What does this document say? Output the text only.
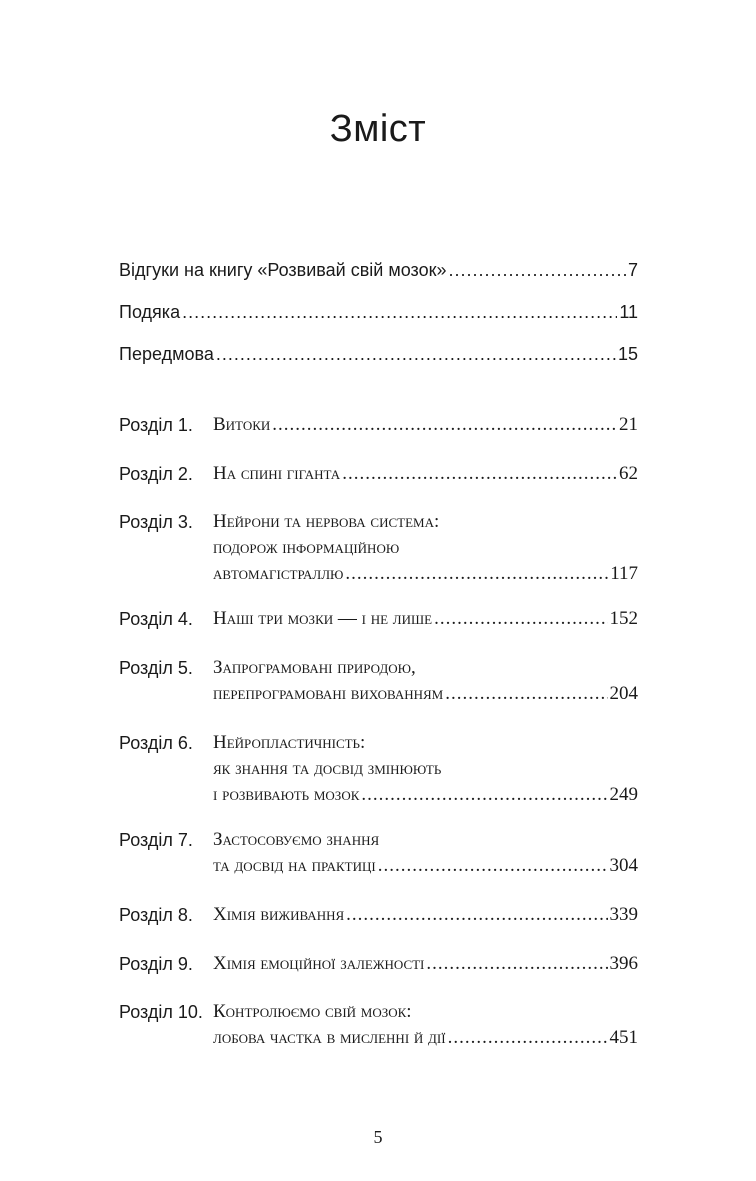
Зміст
Відгуки на книгу «Розвивай свій мозок» .....	7
Подяка .....	11
Передмова .....	15
Розділ 1. Витоки .....	21
Розділ 2. На спині гіганта .....	62
Розділ 3. Нейрони та нервова система:
подорож інформаційною
автомагістраллю .....	117
Розділ 4. Наші три мозки — і не лише .....	152
Розділ 5. Запрограмовані природою,
перепрограмовані вихованням .....	204
Розділ 6. Нейропластичність:
як знання та досвід змінюють
і розвивають мозок .....	249
Розділ 7. Застосовуємо знання
та досвід на практиці .....	304
Розділ 8. Хімія виживання .....	339
Розділ 9. Хімія емоційної залежності .....	396
Розділ 10. Контролюємо свій мозок:
лобова частка в мисленні й дії .....	451
5
